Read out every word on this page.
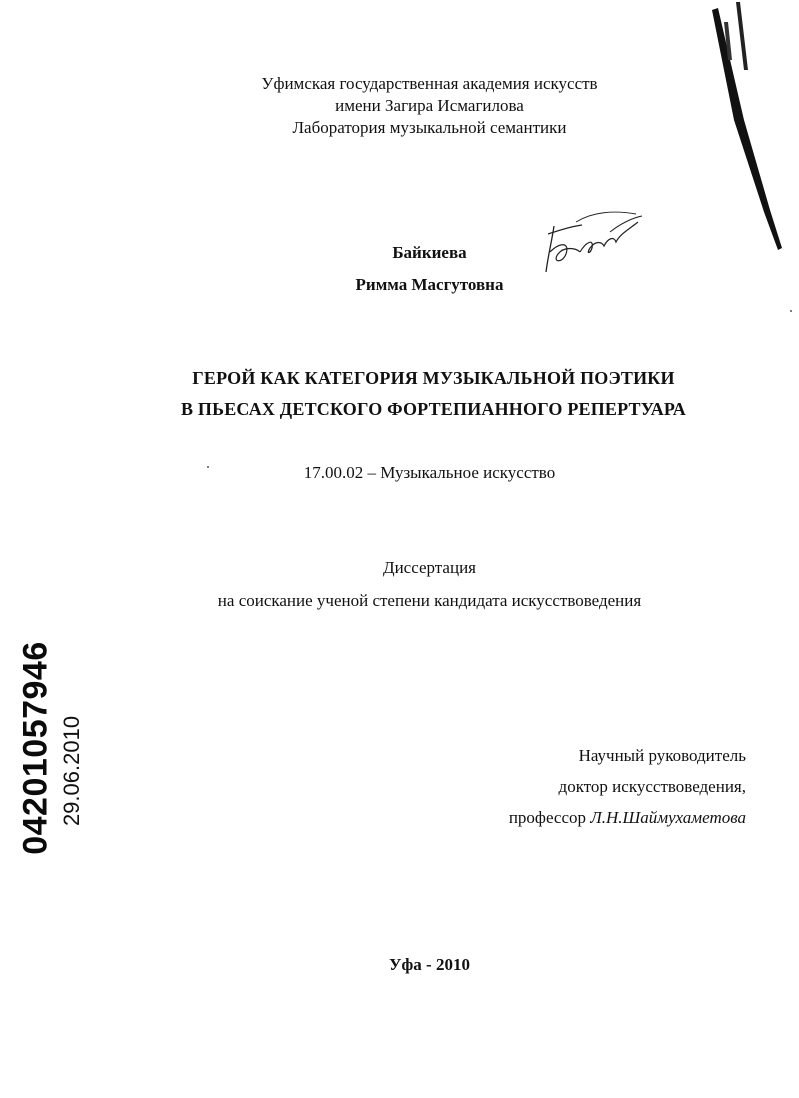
Уфимская государственная академия искусств
имени Загира Исмагилова
Лаборатория музыкальной семантики
Байкиева
Римма Масгутовна
ГЕРОЙ КАК КАТЕГОРИЯ МУЗЫКАЛЬНОЙ ПОЭТИКИ
В ПЬЕСАХ ДЕТСКОГО ФОРТЕПИАННОГО РЕПЕРТУАРА
17.00.02 – Музыкальное искусство
Диссертация
на соискание ученой степени кандидата искусствоведения
Научный руководитель
доктор искусствоведения,
профессор Л.Н.Шаймухаметова
Уфа - 2010
04201057946 29.06.2010
